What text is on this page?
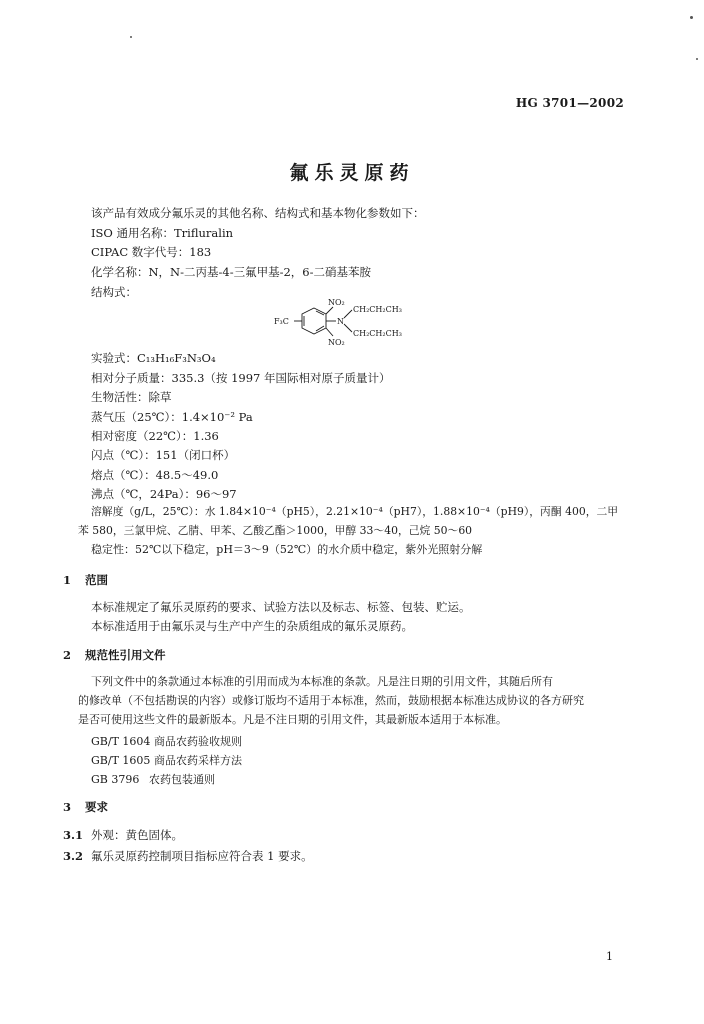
HG 3701—2002
氟乐灵原药
该产品有效成分氟乐灵的其他名称、结构式和基本物化参数如下：
ISO 通用名称：Trifluralin
CIPAC 数字代号：183
化学名称：N，N-二丙基-4-三氟甲基-2，6-二硝基苯胺
结构式：
NO₂
NO₂
F₃C	N
CH₂CH₂CH₃
CH₂CH₂CH₃
实验式：C₁₃H₁₆F₃N₃O₄
相对分子质量：335.3（按 1997 年国际相对原子质量计）
生物活性：除草
蒸气压（25℃）：1.4×10⁻² Pa
相对密度（22℃）：1.36
闪点（℃）：151（闭口杯）
熔点（℃）：48.5～49.0
沸点（℃，24Pa）：96～97
溶解度（g/L，25℃）：水 1.84×10⁻⁴（pH5），2.21×10⁻⁴（pH7），1.88×10⁻⁴（pH9），丙酮 400，二甲
苯 580，三氯甲烷、乙腈、甲苯、乙酸乙酯＞1000，甲醇 33～40，己烷 50～60
稳定性：52℃以下稳定，pH＝3～9（52℃）的水介质中稳定，紫外光照射分解
1 范围
本标准规定了氟乐灵原药的要求、试验方法以及标志、标签、包装、贮运。
本标准适用于由氟乐灵与生产中产生的杂质组成的氟乐灵原药。
2 规范性引用文件
下列文件中的条款通过本标准的引用而成为本标准的条款。凡是注日期的引用文件，其随后所有
的修改单（不包括勘误的内容）或修订版均不适用于本标准，然而，鼓励根据本标准达成协议的各方研究
是否可使用这些文件的最新版本。凡是不注日期的引用文件，其最新版本适用于本标准。
GB/T 1604 商品农药验收规则
GB/T 1605 商品农药采样方法
GB 3796 农药包装通则
3 要求
3.1 外观：黄色固体。
3.2 氟乐灵原药控制项目指标应符合表 1 要求。
1
